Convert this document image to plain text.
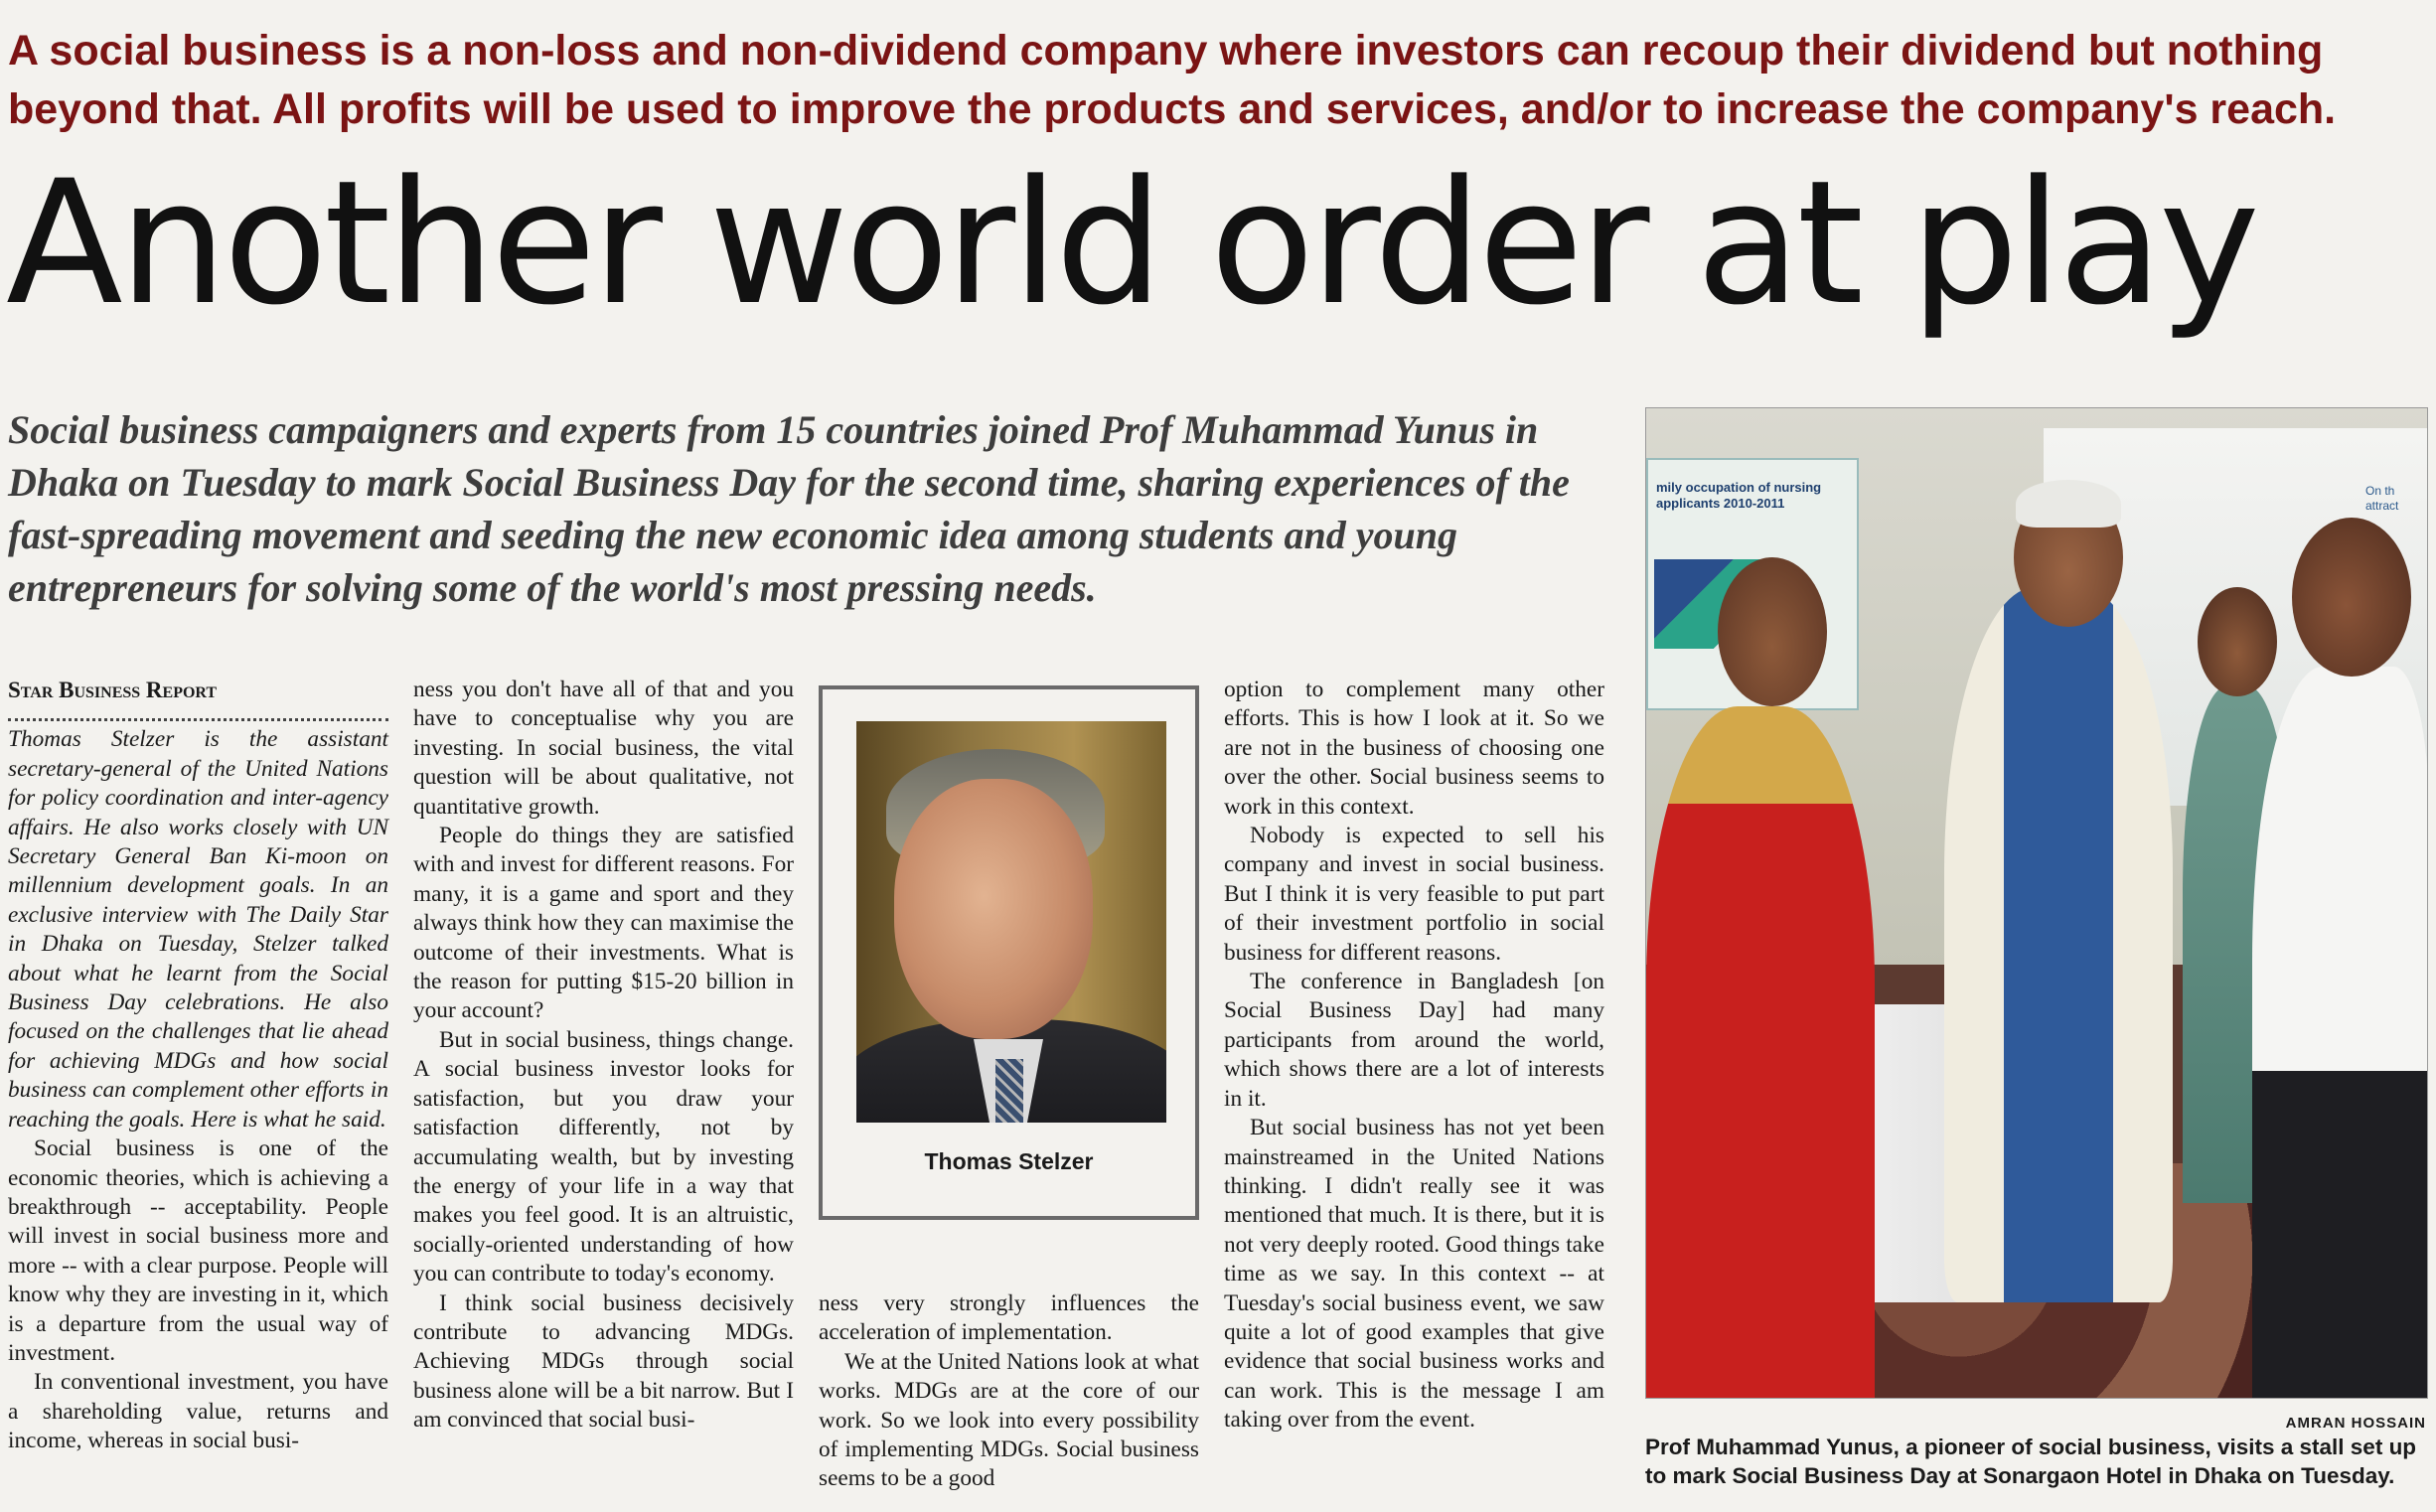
A social business is a non-loss and non-dividend company where investors can recoup their dividend but nothing beyond that. All profits will be used to improve the products and services, and/or to increase the company's reach.

Another world order at play

Social business campaigners and experts from 15 countries joined Prof Muhammad Yunus in Dhaka on Tuesday to mark Social Business Day for the second time, sharing experiences of the fast-spreading movement and seeding the new economic idea among students and young entrepreneurs for solving some of the world's most pressing needs.

Star Business Report

Thomas Stelzer is the assistant secretary-general of the United Nations for policy coordination and inter-agency affairs. He also works closely with UN Secretary General Ban Ki-moon on millennium development goals. In an exclusive interview with The Daily Star in Dhaka on Tuesday, Stelzer talked about what he learnt from the Social Business Day celebrations. He also focused on the challenges that lie ahead for achieving MDGs and how social business can complement other efforts in reaching the goals. Here is what he said.

Social business is one of the economic theories, which is achieving a breakthrough -- acceptability. People will invest in social business more and more -- with a clear purpose. People will know why they are investing in it, which is a departure from the usual way of investment.

In conventional investment, you have a shareholding value, returns and income, whereas in social busi-

ness you don't have all of that and you have to conceptualise why you are investing. In social business, the vital question will be about qualitative, not quantitative growth.

People do things they are satisfied with and invest for different reasons. For many, it is a game and sport and they always think how they can maximise the outcome of their investments. What is the reason for putting $15-20 billion in your account?

But in social business, things change. A social business investor looks for satisfaction, but you draw your satisfaction differently, not by accumulating wealth, but by investing the energy of your life in a way that makes you feel good. It is an altruistic, socially-oriented understanding of how you can contribute to today's economy.

I think social business decisively contribute to advancing MDGs. Achieving MDGs through social business alone will be a bit narrow. But I am convinced that social busi-

Thomas Stelzer

ness very strongly influences the acceleration of implementation.

We at the United Nations look at what works. MDGs are at the core of our work. So we look into every possibility of implementing MDGs. Social business seems to be a good

option to complement many other efforts. This is how I look at it. So we are not in the business of choosing one over the other. Social business seems to work in this context.

Nobody is expected to sell his company and invest in social business. But I think it is very feasible to put part of their investment portfolio in social business for different reasons.

The conference in Bangladesh [on Social Business Day] had many participants from around the world, which shows there are a lot of interests in it.

But social business has not yet been mainstreamed in the United Nations thinking. I didn't really see it was mentioned that much. It is there, but it is not very deeply rooted. Good things take time as we say. In this context -- at Tuesday's social business event, we saw quite a lot of good examples that give evidence that social business works and can work. This is the message I am taking over from the event.

mily occupation of nursing applicants 2010-2011
On th attract
AMRAN HOSSAIN
Prof Muhammad Yunus, a pioneer of social business, visits a stall set up to mark Social Business Day at Sonargaon Hotel in Dhaka on Tuesday.
